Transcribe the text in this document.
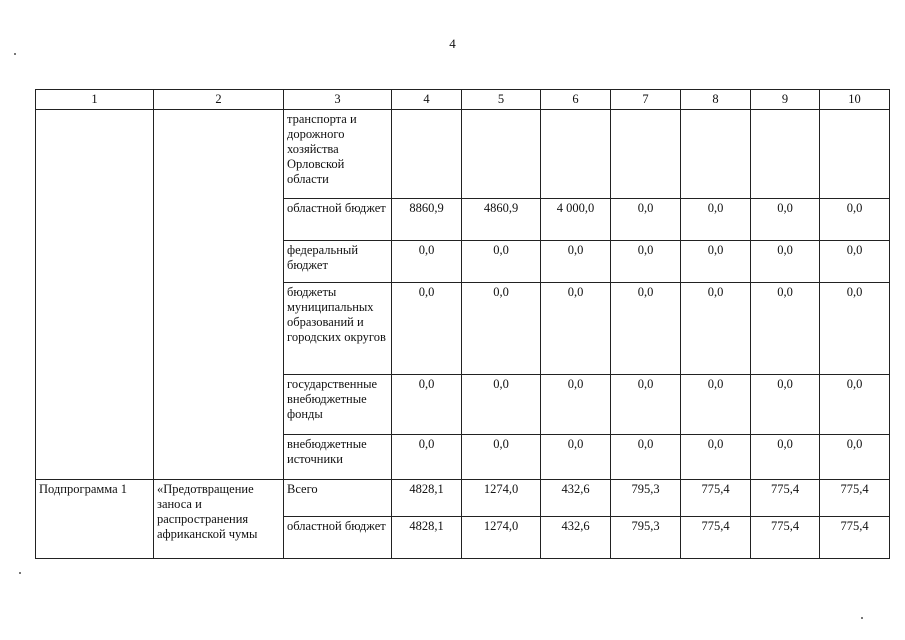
4
1	2	3	4	5	6	7	8	9	10
		транспорта и дорожного хозяйства Орловской области							
		областной бюджет	8860,9	4860,9	4 000,0	0,0	0,0	0,0	0,0
		федеральный бюджет	0,0	0,0	0,0	0,0	0,0	0,0	0,0
		бюджеты муниципальных образований и городских округов	0,0	0,0	0,0	0,0	0,0	0,0	0,0
		государственные внебюджетные фонды	0,0	0,0	0,0	0,0	0,0	0,0	0,0
		внебюджетные источники	0,0	0,0	0,0	0,0	0,0	0,0	0,0
Подпрограмма 1	«Предотвращение заноса и распространения африканской чумы	Всего	4828,1	1274,0	432,6	795,3	775,4	775,4	775,4
		областной бюджет	4828,1	1274,0	432,6	795,3	775,4	775,4	775,4
